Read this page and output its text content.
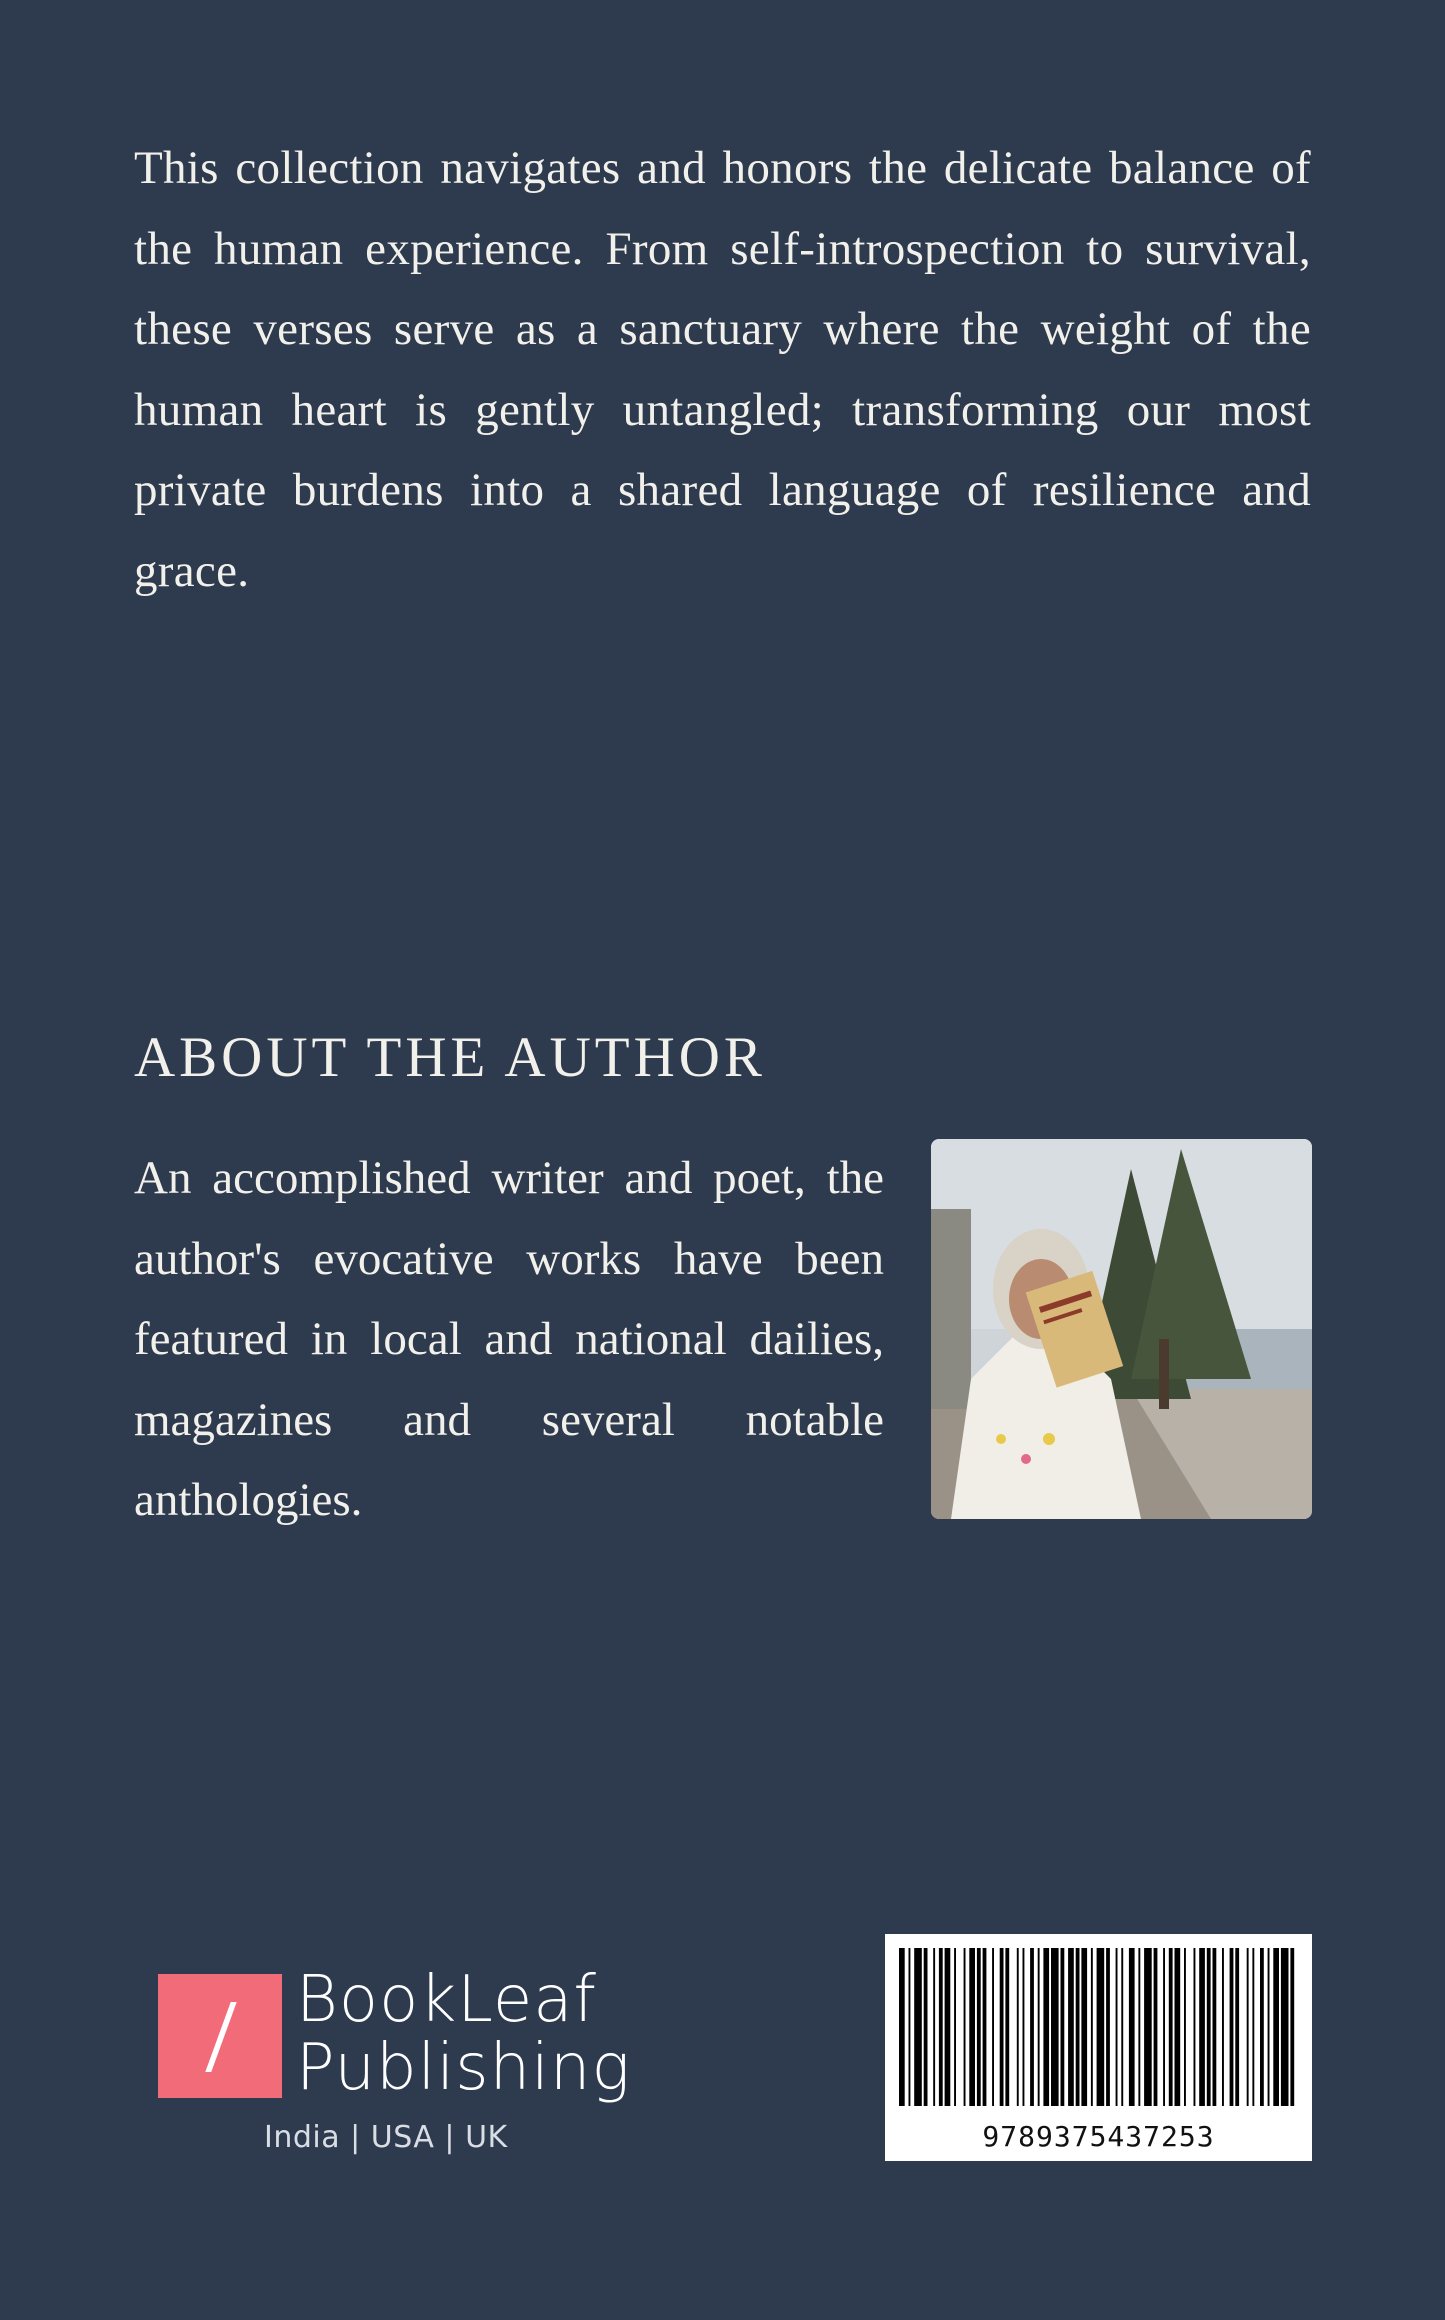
This collection navigates and honors the delicate balance of the human experience. From self-introspection to survival, these verses serve as a sanctuary where the weight of the human heart is gently untangled; transforming our most private burdens into a shared language of resilience and grace.

ABOUT THE AUTHOR

An accomplished writer and poet, the author's evocative works have been featured in local and national dailies, magazines and several notable anthologies.

BookLeaf
Publishing
India | USA | UK	9789375437253
